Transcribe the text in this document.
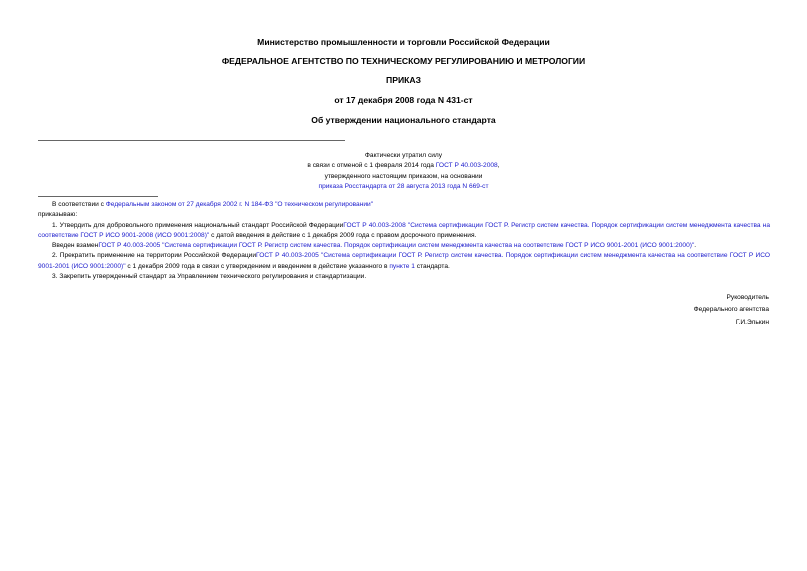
Министерство промышленности и торговли Российской Федерации
ФЕДЕРАЛЬНОЕ АГЕНТСТВО ПО ТЕХНИЧЕСКОМУ РЕГУЛИРОВАНИЮ И МЕТРОЛОГИИ
ПРИКАЗ
от 17 декабря 2008 года N 431-ст
Об утверждении национального стандарта
Фактически утратил силу
в связи с отменой с 1 февраля 2014 года ГОСТ Р 40.003-2008,
утвержденного настоящим приказом, на основании
приказа Росстандарта от 28 августа 2013 года N 669-ст

В соответствии с Федеральным законом от 27 декабря 2002 г. N 184-ФЗ "О техническом регулировании"

приказываю:

1. Утвердить для добровольного применения национальный стандарт Российской ФедерацииГОСТ Р 40.003-2008 "Система сертификации ГОСТ Р. Регистр систем качества. Порядок сертификации систем менеджмента качества на соответствие ГОСТ Р ИСО 9001-2008 (ИСО 9001:2008)" с датой введения в действие с 1 декабря 2009 года с правом досрочного применения.

Введен взаменГОСТ Р 40.003-2005 "Система сертификации ГОСТ Р. Регистр систем качества. Порядок сертификации систем менеджмента качества на соответствие ГОСТ Р ИСО 9001-2001 (ИСО 9001:2000)".

2. Прекратить применение на территории Российской ФедерацииГОСТ Р 40.003-2005 "Система сертификации ГОСТ Р. Регистр систем качества. Порядок сертификации систем менеджмента качества на соответствие ГОСТ Р ИСО 9001-2001 (ИСО 9001:2000)" с 1 декабря 2009 года в связи с утверждением и введением в действие указанного в пункте 1 стандарта.

3. Закрепить утвержденный стандарт за Управлением технического регулирования и стандартизации.

Руководитель
Федерального агентства
Г.И.Элькин
